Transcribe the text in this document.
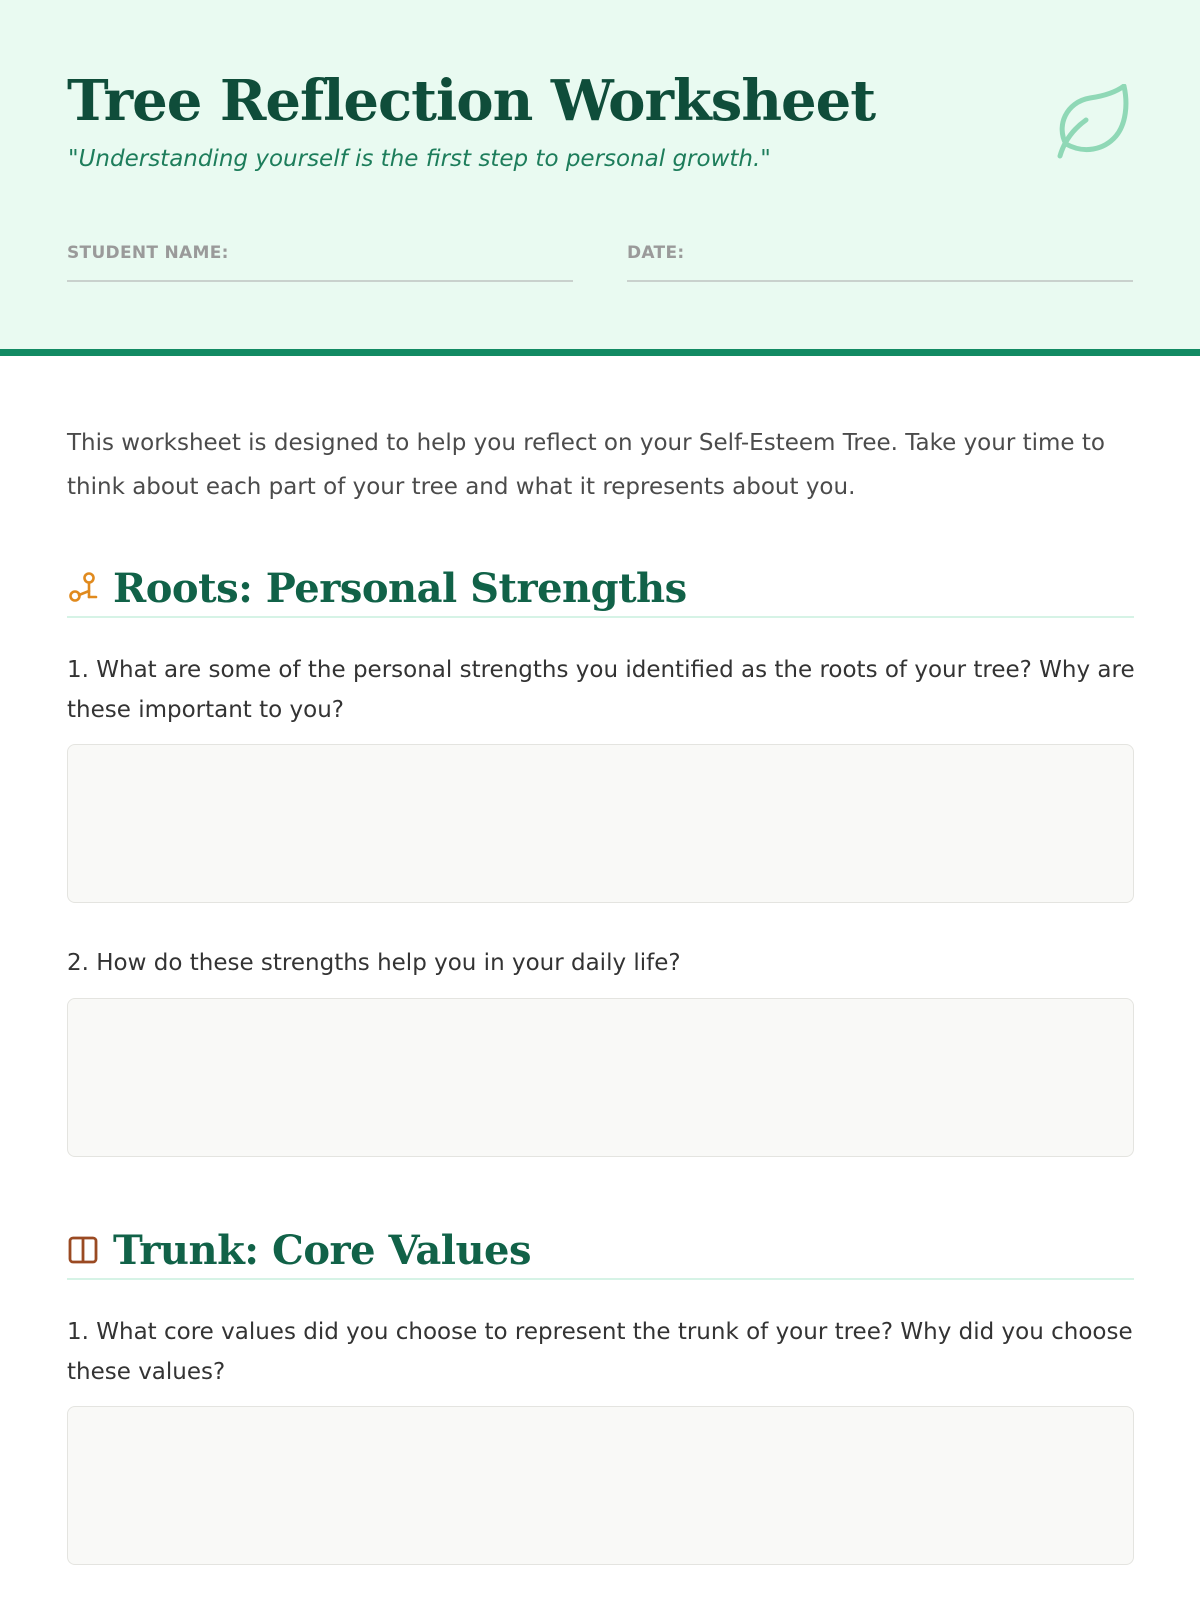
Tree Reflection Worksheet

"Understanding yourself is the first step to personal growth."

STUDENT NAME:	DATE:

This worksheet is designed to help you reflect on your Self-Esteem Tree. Take your time to think about each part of your tree and what it represents about you.

Roots: Personal Strengths

1. What are some of the personal strengths you identified as the roots of your tree? Why are these important to you?

2. How do these strengths help you in your daily life?

Trunk: Core Values

1. What core values did you choose to represent the trunk of your tree? Why did you choose these values?
